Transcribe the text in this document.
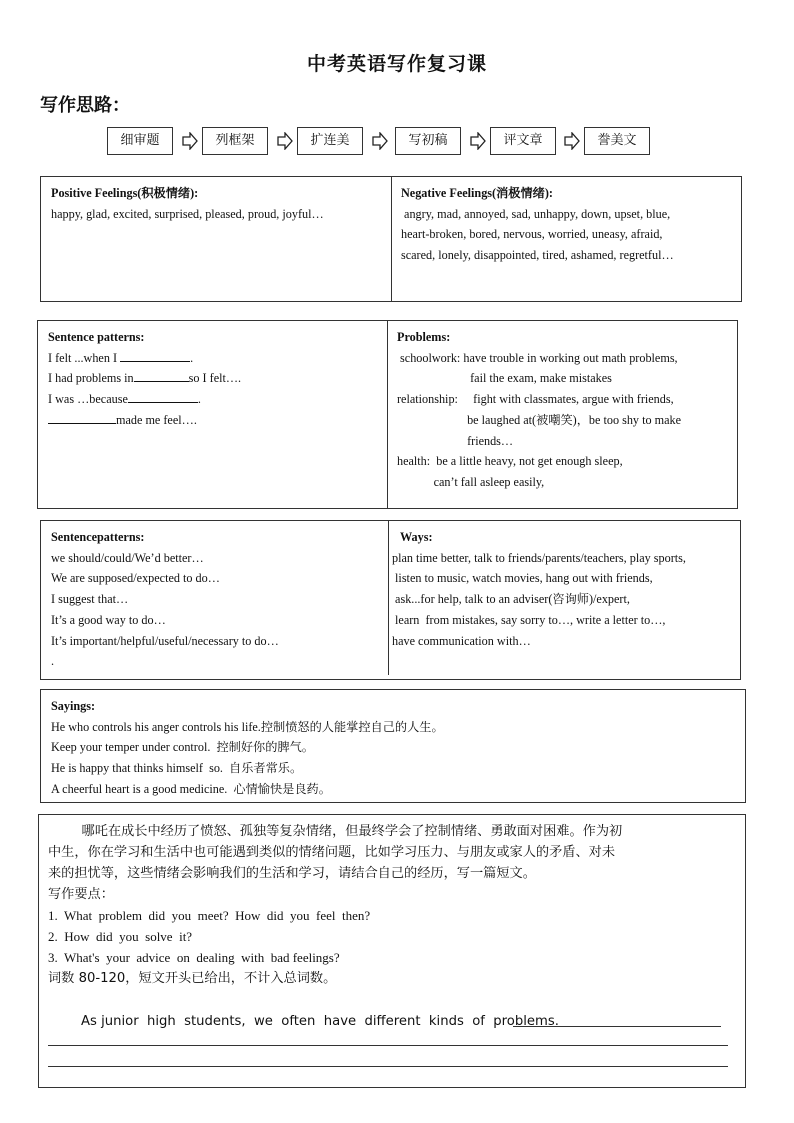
中考英语写作复习课
写作思路：
细审题	列框架	扩连美	写初稿	评文章	誊美文
Positive Feelings(积极情绪):
happy, glad, excited, surprised, pleased, proud, joyful…
Negative Feelings(消极情绪):
angry, mad, annoyed, sad, unhappy, down, upset, blue,
heart-broken, bored, nervous, worried, uneasy, afraid,
scared, lonely, disappointed, tired, ashamed, regretful…
Sentence patterns:
I felt ...when I	.
I had problems in	so I felt….
I was …because	.
made me feel….
Problems:
schoolwork: have trouble in working out math problems,
fail the exam, make mistakes
relationship:     fight with classmates, argue with friends,
be laughed at(被嘲笑)，be too shy to make
friends…
health:  be a little heavy, not get enough sleep,
can’t fall asleep easily,
Sentencepatterns:
we should/could/We’d better…
We are supposed/expected to do…
I suggest that…
It’s a good way to do…
It’s important/helpful/useful/necessary to do…
.
Ways:
plan time better, talk to friends/parents/teachers, play sports,
listen to music, watch movies, hang out with friends,
ask...for help, talk to an adviser(咨询师)/expert,
learn  from mistakes, say sorry to…, write a letter to…,
have communication with…
Sayings:
He who controls his anger controls his life.控制愤怒的人能掌控自己的人生。
Keep your temper under control.  控制好你的脾气。
He is happy that thinks himself  so.  自乐者常乐。
A cheerful heart is a good medicine.  心情愉快是良药。
哪吒在成长中经历了愤怒、孤独等复杂情绪，但最终学会了控制情绪、勇敢面对困难。作为初
中生，你在学习和生活中也可能遇到类似的情绪问题，比如学习压力、与朋友或家人的矛盾、对未
来的担忧等，这些情绪会影响我们的生活和学习，请结合自己的经历，写一篇短文。
写作要点：
1.  What  problem  did  you  meet?  How  did  you  feel  then?
2.  How  did  you  solve  it?
3.  What's  your  advice  on  dealing  with  bad feelings?
词数 80-120，短文开头已给出，不计入总词数。
As junior  high  students,  we  often  have  different  kinds  of  problems.
